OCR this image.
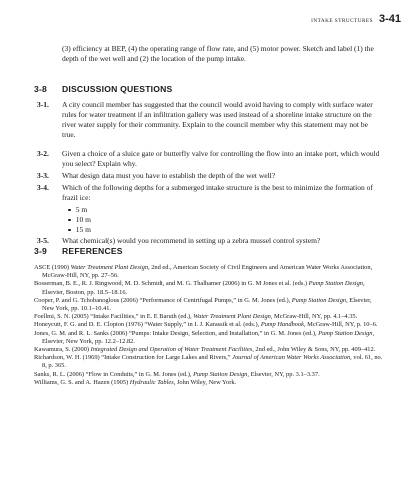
INTAKE STRUCTURES 3-41
(3) efficiency at BEP, (4) the operating range of flow rate, and (5) motor power. Sketch and label (1) the depth of the wet well and (2) the location of the pump intake.
3-8	DISCUSSION QUESTIONS
3-1.	A city council member has suggested that the council would avoid having to comply with surface water rules for water treatment if an infiltration gallery was used instead of a shoreline intake structure on the river water supply for their community. Explain to the council member why this statement may not be true.
3-2.	Given a choice of a sluice gate or butterfly valve for controlling the flow into an intake port, which would you select? Explain why.
3-3.	What design data must you have to establish the depth of the wet well?
3-4.	Which of the following depths for a submerged intake structure is the best to minimize the formation of frazil ice:
5 m
10 m
15 m
3-5.	What chemical(s) would you recommend in setting up a zebra mussel control system?
3-9	REFERENCES

ASCE (1990) Water Treatment Plant Design, 2nd ed., American Society of Civil Engineers and American Water Works Association, McGraw-Hill, NY, pp. 27–56.

Bosserman, B. E., R. J. Ringwood, M. D. Schmidt, and M. G. Thalhamer (2006) in G. M Jones et al. (eds.) Pump Station Design, Elsevier, Boston, pp. 18.5–18.16.

Cooper, P. and G. Tchobanoglous (2006) “Performance of Centrifugal Pumps,” in G. M. Jones (ed.), Pump Station Design, Elsevier, New York, pp. 10.1–10.41.

Foellmi, S. N. (2005) “Intake Facilities,” in E. E Baruth (ed.), Water Treatment Plant Design, McGraw-Hill, NY, pp. 4.1–4.35.

Honeycutt, F. G. and D. E. Clopton (1976) “Water Supply,” in I. J. Karassik et al. (eds.), Pump Handbook, McGraw-Hill, NY, p. 10–6.

Jones, G. M. and R. L. Sanks (2006) “Pumps: Intake Design, Selection, and Installation,” in G. M. Jones (ed.), Pump Station Design, Elsevier, New York, pp. 12.2–12.82.

Kawamura, S. (2000) Integrated Design and Operation of Water Treatment Facilities, 2nd ed., John Wiley & Sons, NY, pp. 409–412.

Richardson, W. H. (1969) “Intake Construction for Large Lakes and Rivers,” Journal of American Water Works Association, vol. 61, no. 8, p. 365.

Sanks, R. L. (2006) “Flow in Conduits,” in G. M. Jones (ed.), Pump Station Design, Elsevier, NY, pp. 3.1–3.37.

Williams, G. S. and A. Hazen (1905) Hydraulic Tables, John Wiley, New York.
